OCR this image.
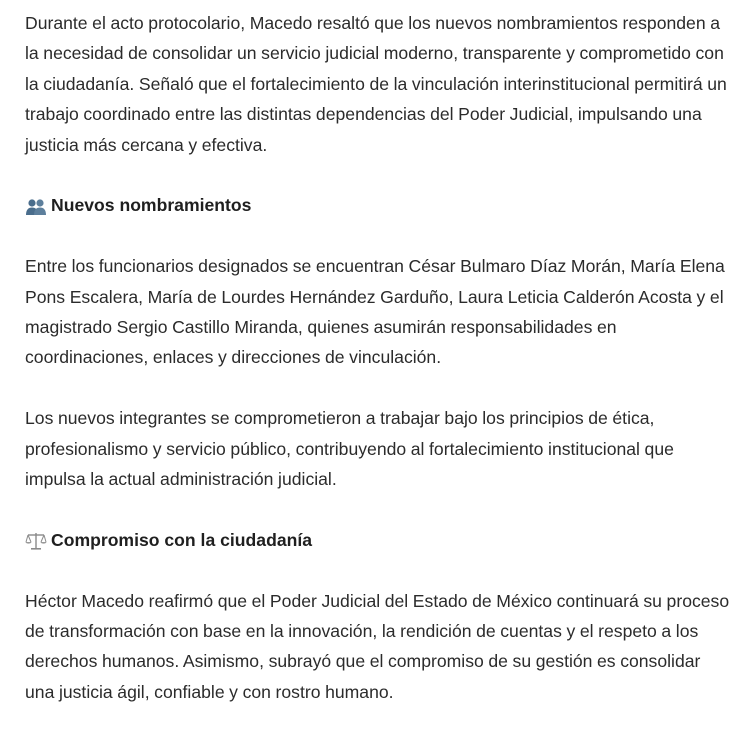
Durante el acto protocolario, Macedo resaltó que los nuevos nombramientos responden a la necesidad de consolidar un servicio judicial moderno, transparente y comprometido con la ciudadanía. Señaló que el fortalecimiento de la vinculación interinstitucional permitirá un trabajo coordinado entre las distintas dependencias del Poder Judicial, impulsando una justicia más cercana y efectiva.

Nuevos nombramientos

Entre los funcionarios designados se encuentran César Bulmaro Díaz Morán, María Elena Pons Escalera, María de Lourdes Hernández Garduño, Laura Leticia Calderón Acosta y el magistrado Sergio Castillo Miranda, quienes asumirán responsabilidades en coordinaciones, enlaces y direcciones de vinculación.

Los nuevos integrantes se comprometieron a trabajar bajo los principios de ética, profesionalismo y servicio público, contribuyendo al fortalecimiento institucional que impulsa la actual administración judicial.

Compromiso con la ciudadanía

Héctor Macedo reafirmó que el Poder Judicial del Estado de México continuará su proceso de transformación con base en la innovación, la rendición de cuentas y el respeto a los derechos humanos. Asimismo, subrayó que el compromiso de su gestión es consolidar una justicia ágil, confiable y con rostro humano.
